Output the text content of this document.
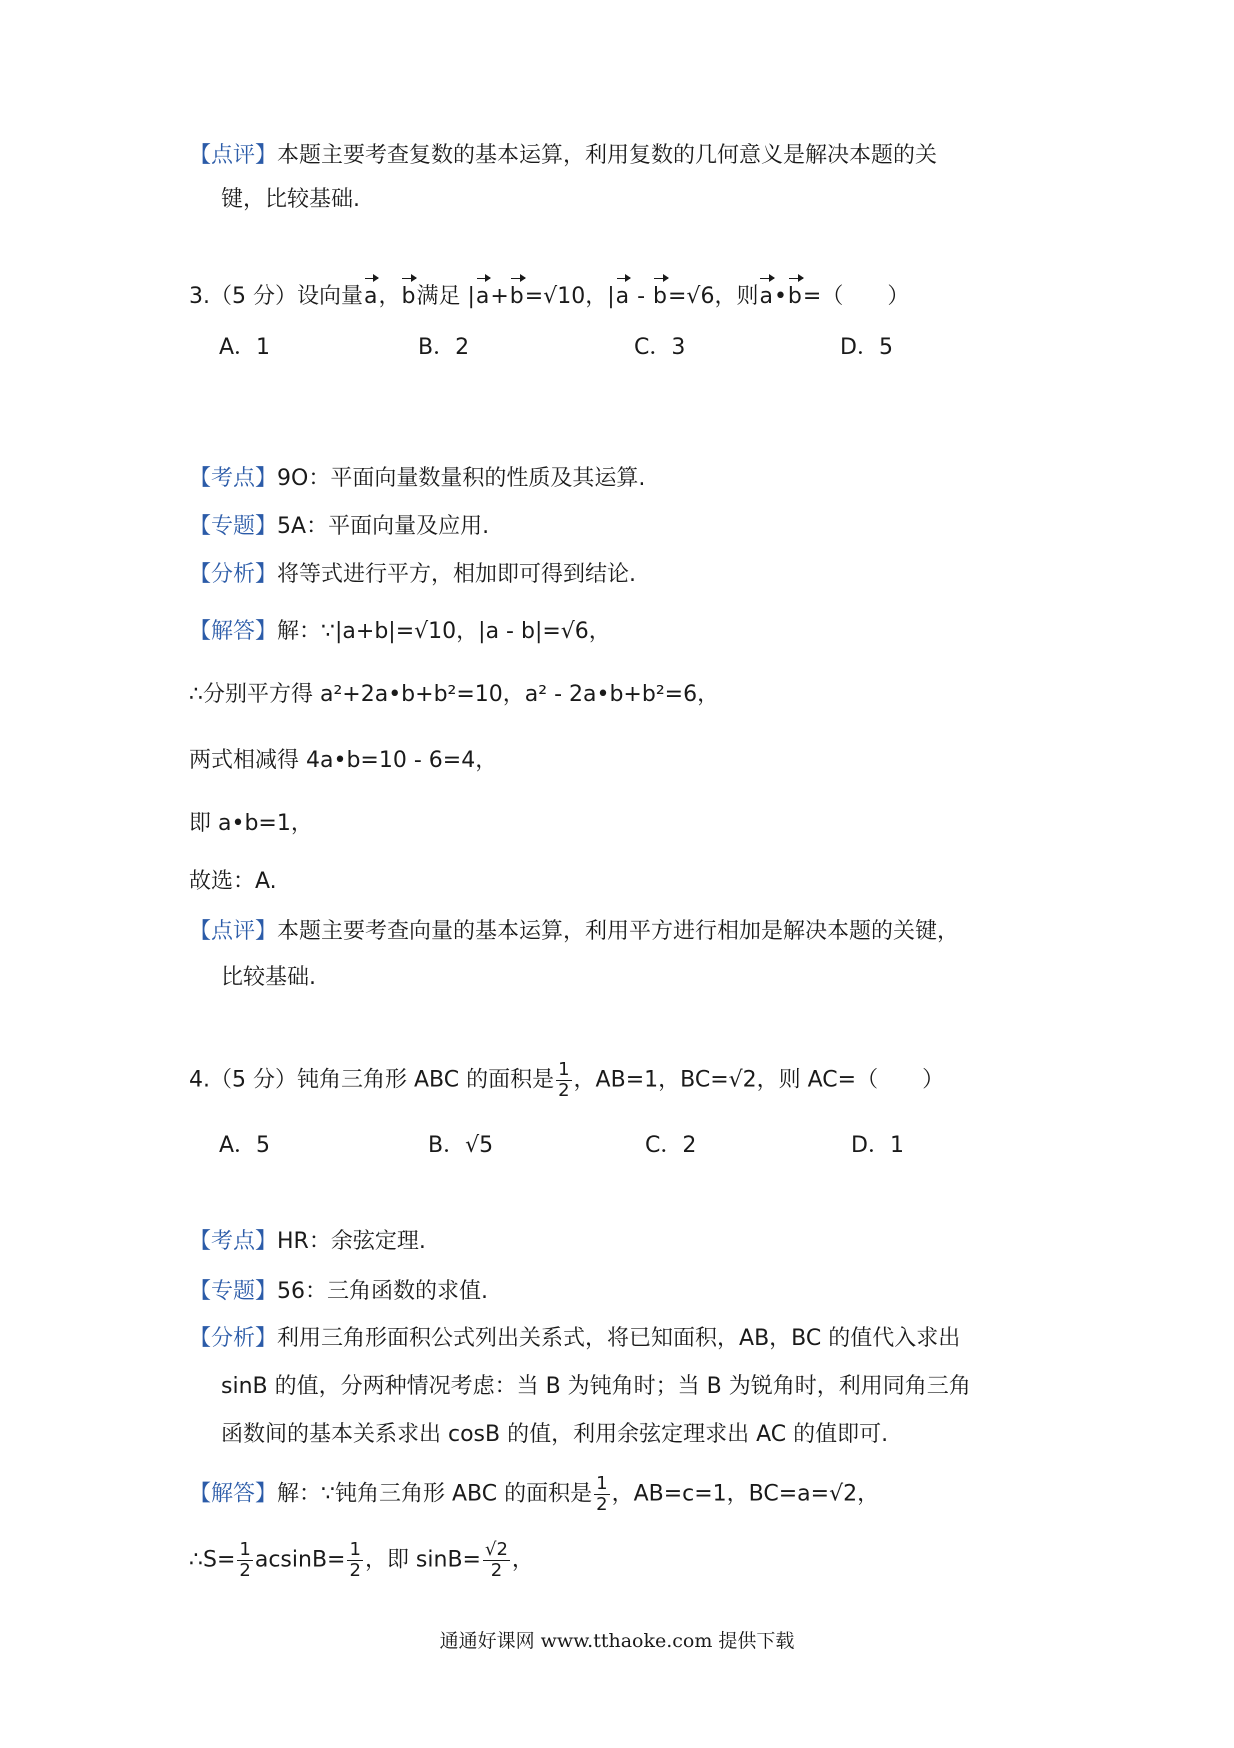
【点评】本题主要考查复数的基本运算，利用复数的几何意义是解决本题的关
键，比较基础.
3.（5 分）设向量a，b满足 |a+b=√10，|a - b=√6，则a•b=（　　）
A．1	B．2	C．3	D．5
【考点】9O：平面向量数量积的性质及其运算.
【专题】5A：平面向量及应用.
【分析】将等式进行平方，相加即可得到结论.
【解答】解：∵|a+b|=√10，|a - b|=√6，
∴分别平方得 a²+2a•b+b²=10，a² - 2a•b+b²=6，
两式相减得 4a•b=10 - 6=4，
即 a•b=1，
故选：A.
【点评】本题主要考查向量的基本运算，利用平方进行相加是解决本题的关键，
比较基础.
4.（5 分）钝角三角形 ABC 的面积是 $\frac{1}{2}$ ，AB=1，BC=√2，则 AC=（　　）
A．5	B．√5	C．2	D．1
【考点】HR：余弦定理.
【专题】56：三角函数的求值.
【分析】利用三角形面积公式列出关系式，将已知面积，AB，BC 的值代入求出
sinB 的值，分两种情况考虑：当 B 为钝角时；当 B 为锐角时，利用同角三角
函数间的基本关系求出 cosB 的值，利用余弦定理求出 AC 的值即可.
【解答】解：∵钝角三角形 ABC 的面积是 $\frac{1}{2}$ ，AB=c=1，BC=a=√2，
∴S= $\frac{1}{2} acsinB= \frac{1}{2}$ ，即 $\sin B= \frac{√2}{2}$ ，
通通好课网 www.tthaoke.com 提供下载
